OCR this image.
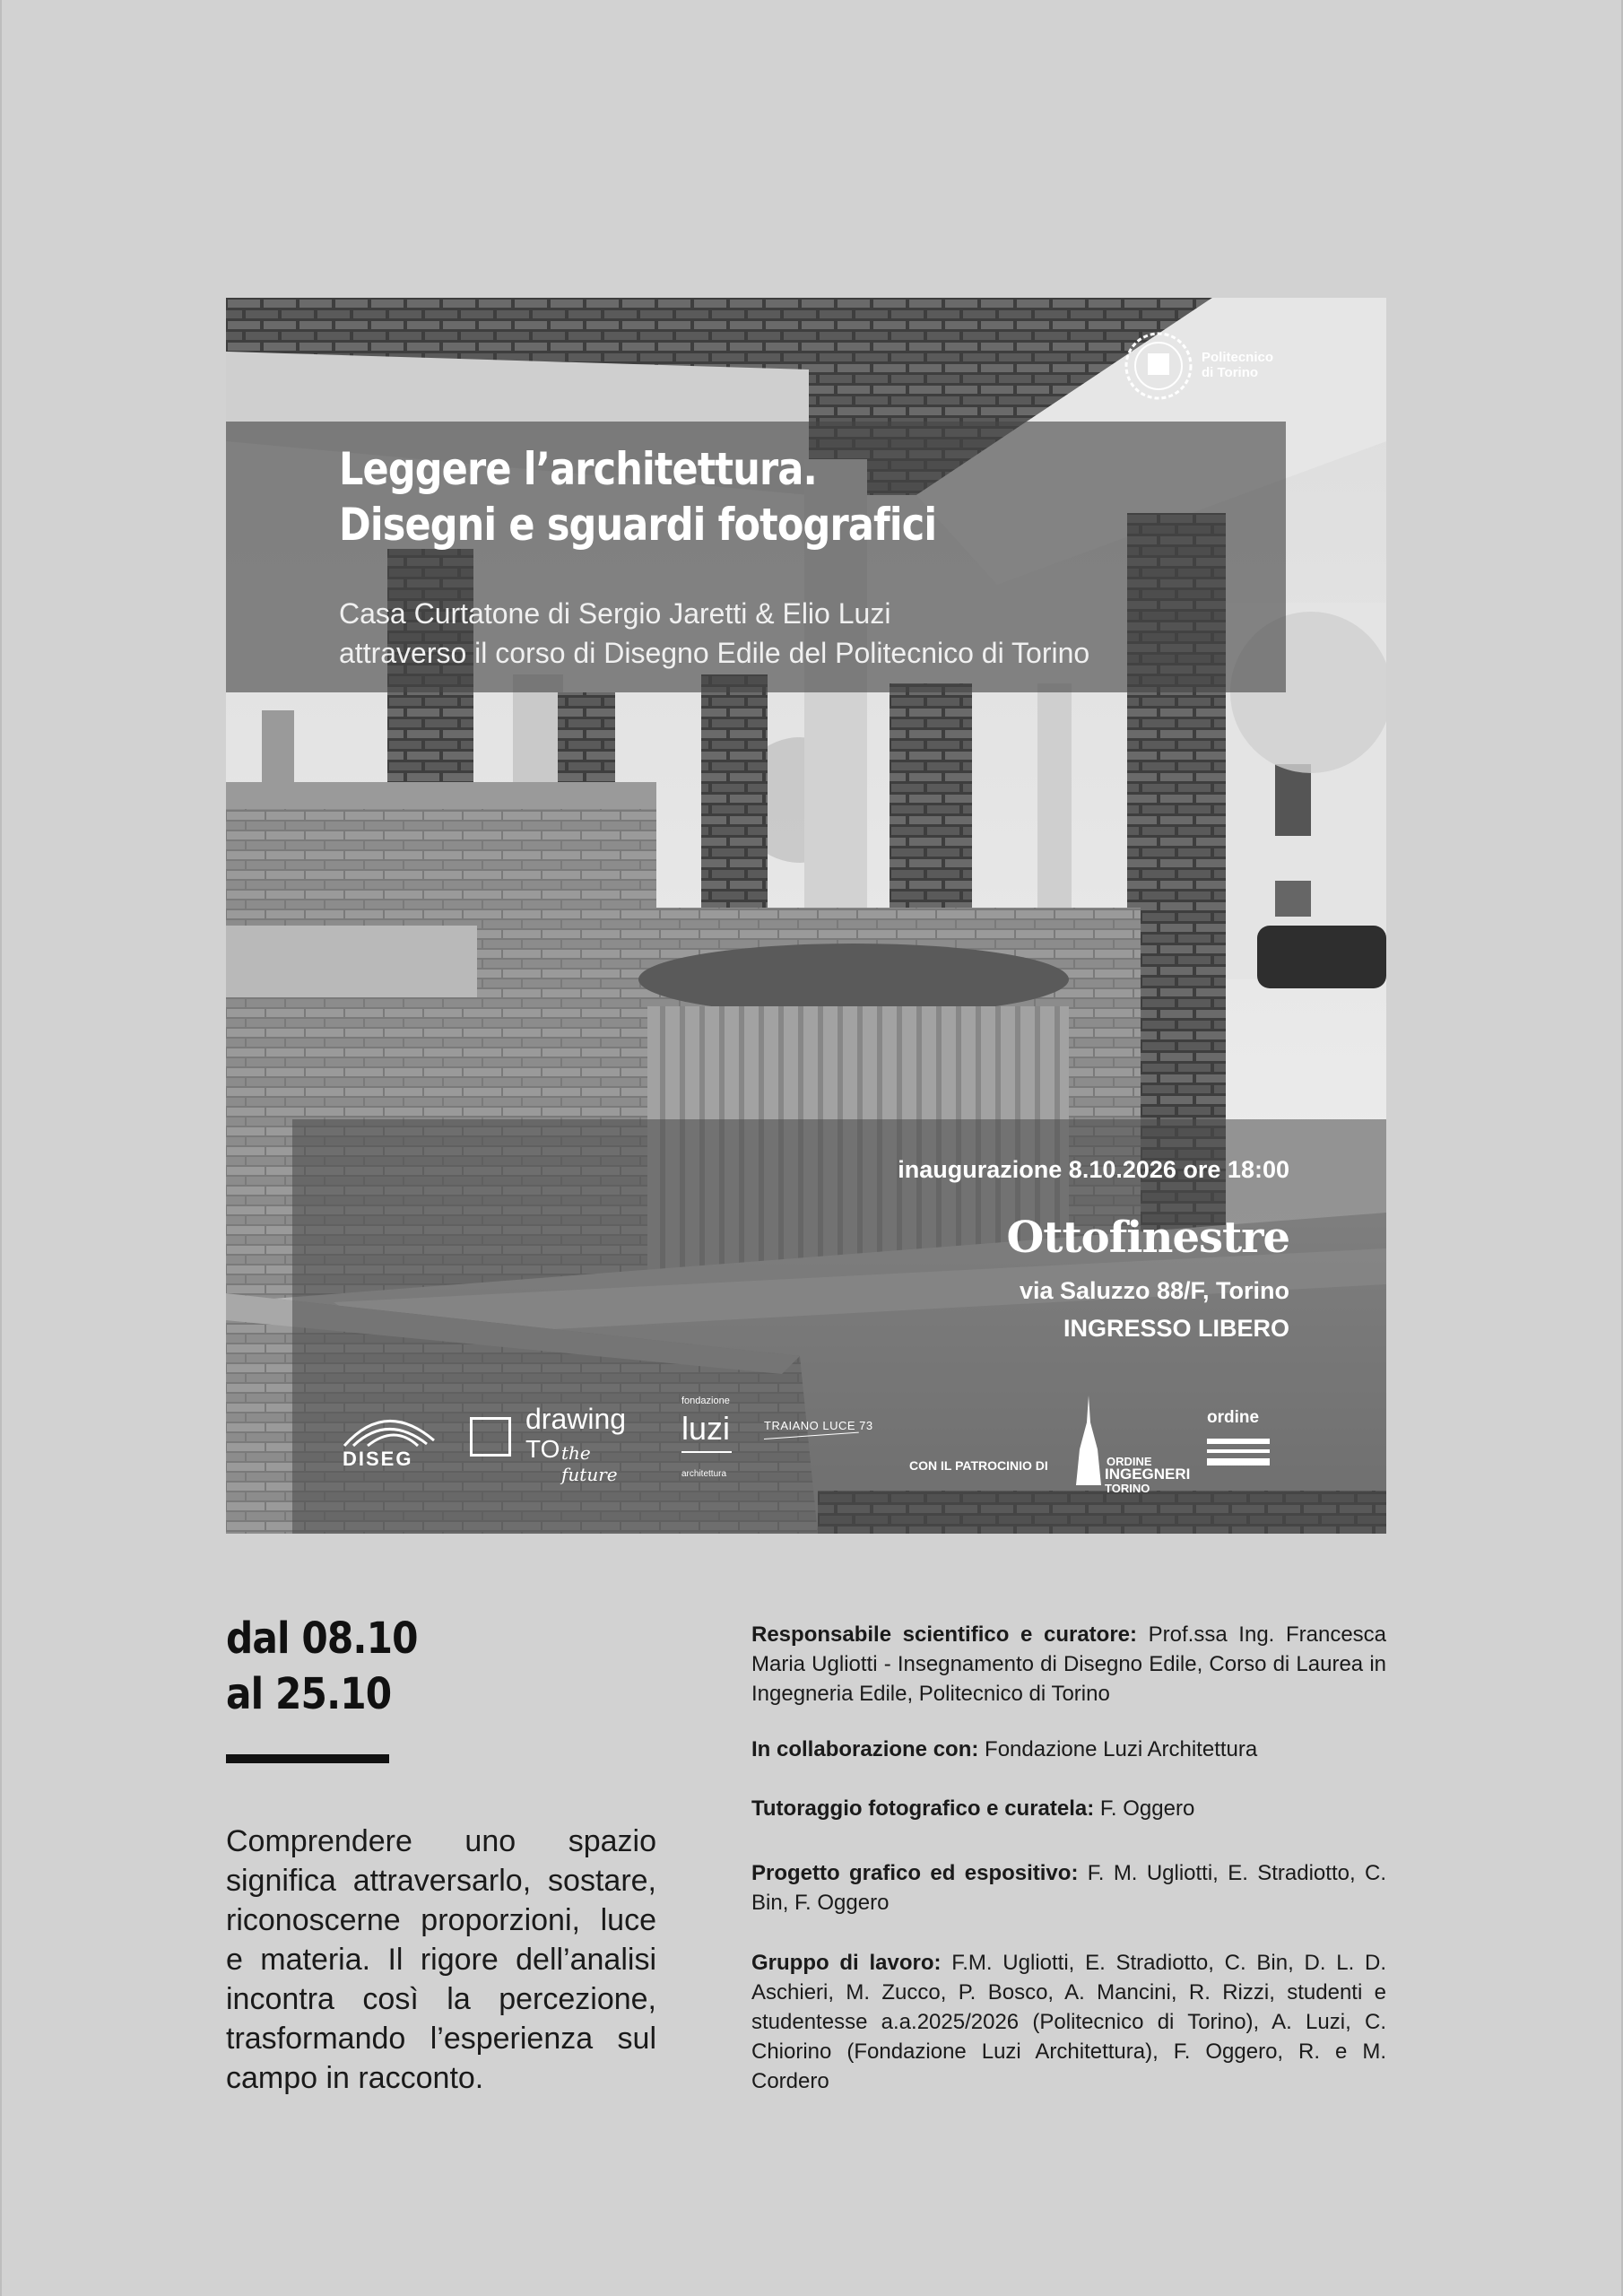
Leggere l’architettura.
Disegni e sguardi fotografici
Casa Curtatone di Sergio Jaretti & Elio Luzi
attraverso il corso di Disegno Edile del Politecnico di Torino
Politecnico
di Torino
inaugurazione 8.10.2026 ore 18:00
Ottofinestre
via Saluzzo 88/F, Torino
INGRESSO LIBERO
DISEG
drawing
TO the future
fondazione
luzi
architettura
TRAIANO LUCE 73
CON IL PATROCINIO DI	ORDINE
INGEGNERI
TORINO
ordine
dal 08.10
al 25.10
Comprendere uno spazio significa attraversarlo, sostare, riconoscerne proporzioni, luce e materia. Il rigore dell’analisi incontra così la percezione, trasformando l’esperienza sul campo in racconto.
Responsabile scientifico e curatore: Prof.ssa Ing. Francesca Maria Ugliotti - Insegnamento di Disegno Edile, Corso di Laurea in Ingegneria Edile, Politecnico di Torino
In collaborazione con: Fondazione Luzi Architettura
Tutoraggio fotografico e curatela: F. Oggero
Progetto grafico ed espositivo: F. M. Ugliotti, E. Stradiotto, C. Bin, F. Oggero
Gruppo di lavoro: F.M. Ugliotti, E. Stradiotto, C. Bin, D. L. D. Aschieri, M. Zucco, P. Bosco, A. Mancini, R. Rizzi, studenti e studentesse a.a.2025/2026 (Politecnico di Torino), A. Luzi, C. Chiorino (Fondazione Luzi Architettura), F. Oggero, R. e M. Cordero
